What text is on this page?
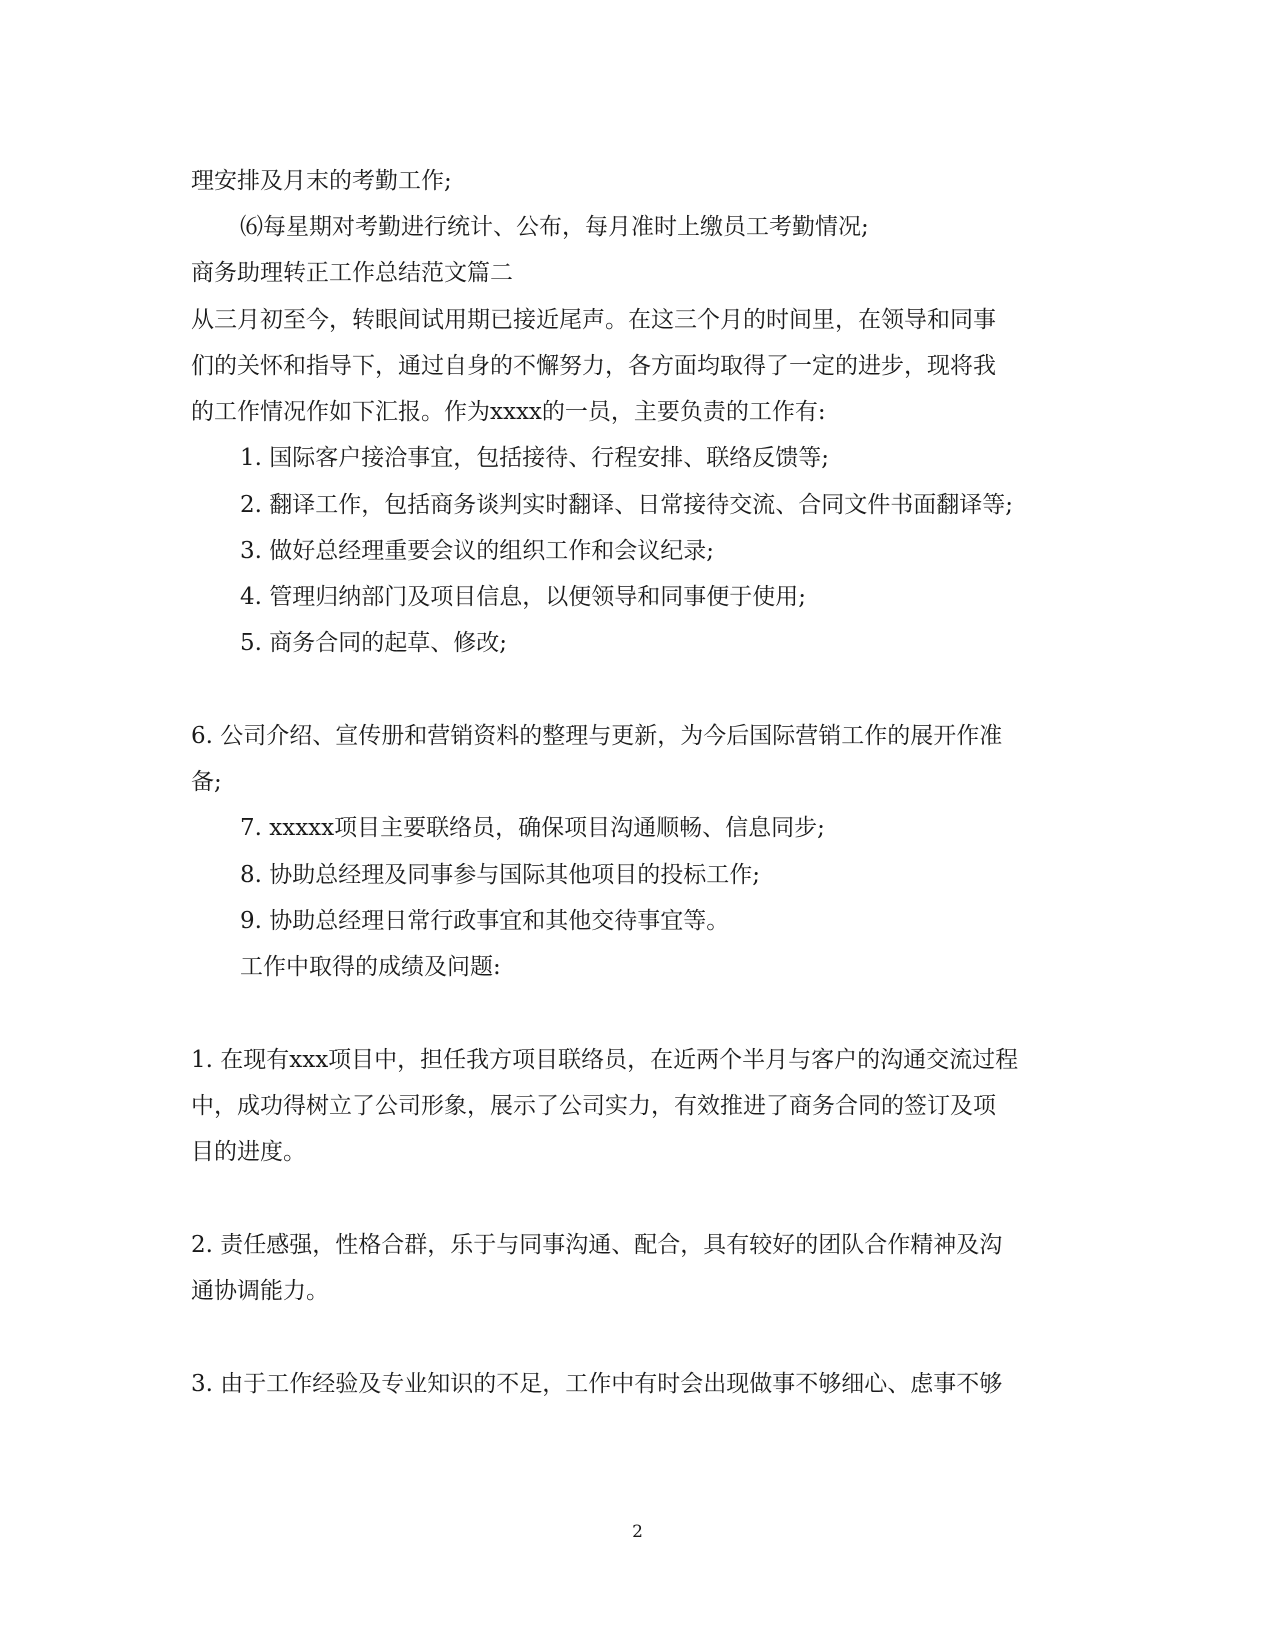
理安排及月末的考勤工作;
⑹每星期对考勤进行统计、公布，每月准时上缴员工考勤情况;
商务助理转正工作总结范文篇二
从三月初至今，转眼间试用期已接近尾声。在这三个月的时间里，在领导和同事
们的关怀和指导下，通过自身的不懈努力，各方面均取得了一定的进步，现将我
的工作情况作如下汇报。作为xxxx的一员，主要负责的工作有:
1. 国际客户接洽事宜，包括接待、行程安排、联络反馈等;
2. 翻译工作，包括商务谈判实时翻译、日常接待交流、合同文件书面翻译等;
3. 做好总经理重要会议的组织工作和会议纪录;
4. 管理归纳部门及项目信息，以便领导和同事便于使用;
5. 商务合同的起草、修改;
6. 公司介绍、宣传册和营销资料的整理与更新，为今后国际营销工作的展开作准
备;
7. xxxxx项目主要联络员，确保项目沟通顺畅、信息同步;
8. 协助总经理及同事参与国际其他项目的投标工作;
9. 协助总经理日常行政事宜和其他交待事宜等。
工作中取得的成绩及问题:
1. 在现有xxx项目中，担任我方项目联络员，在近两个半月与客户的沟通交流过程
中，成功得树立了公司形象，展示了公司实力，有效推进了商务合同的签订及项
目的进度。
2. 责任感强，性格合群，乐于与同事沟通、配合，具有较好的团队合作精神及沟
通协调能力。
3. 由于工作经验及专业知识的不足，工作中有时会出现做事不够细心、虑事不够
2
